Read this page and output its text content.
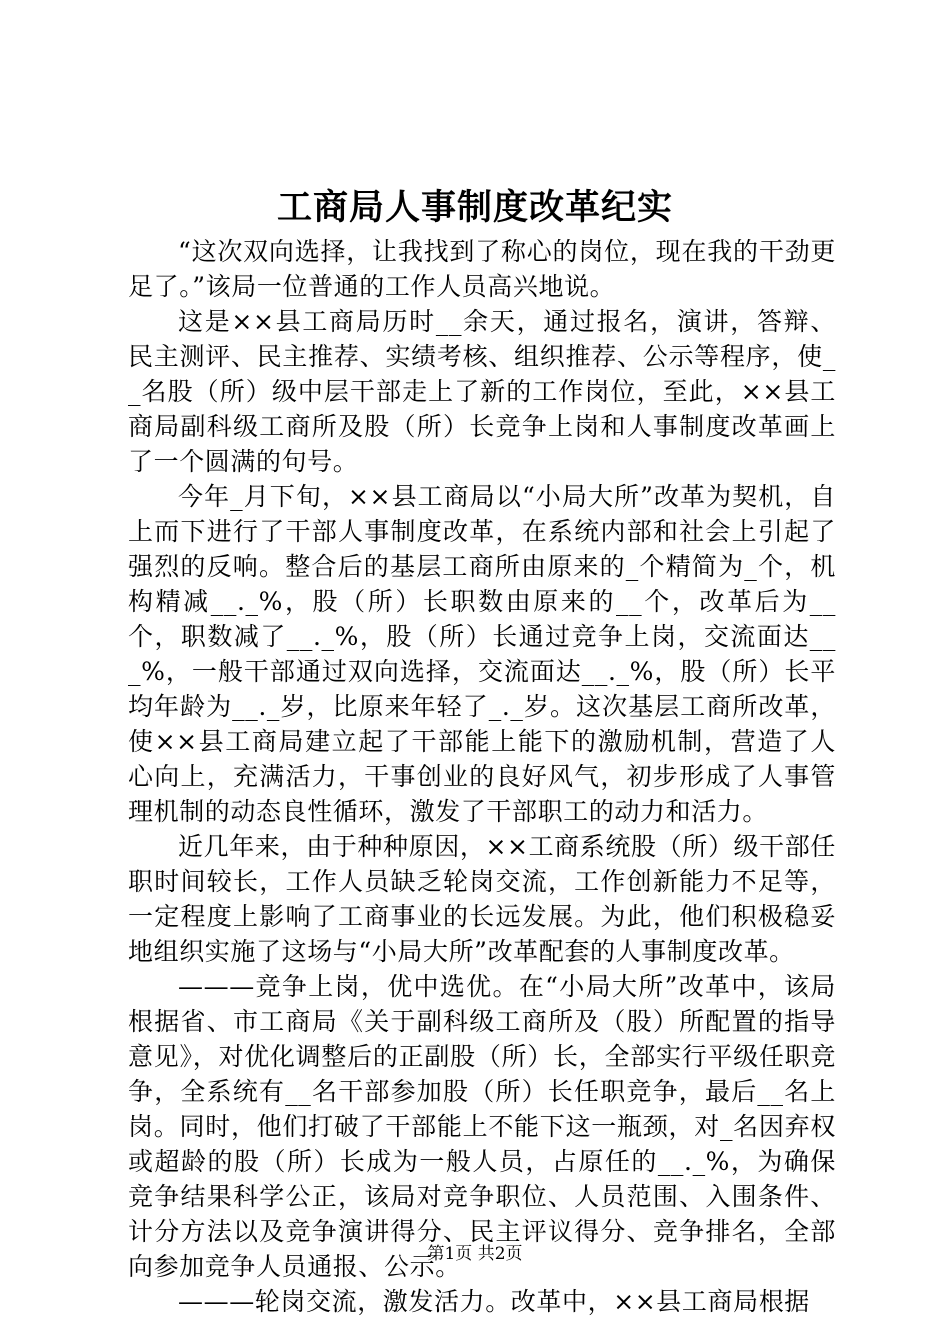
工商局人事制度改革纪实

“这次双向选择，让我找到了称心的岗位，现在我的干劲更足了。”该局一位普通的工作人员高兴地说。

这是××县工商局历时__余天，通过报名，演讲，答辩、民主测评、民主推荐、实绩考核、组织推荐、公示等程序，使__名股（所）级中层干部走上了新的工作岗位，至此，××县工商局副科级工商所及股（所）长竞争上岗和人事制度改革画上了一个圆满的句号。

今年_月下旬，××县工商局以“小局大所”改革为契机，自上而下进行了干部人事制度改革，在系统内部和社会上引起了强烈的反响。整合后的基层工商所由原来的_个精简为_个，机构精减__._%，股（所）长职数由原来的__个，改革后为__个，职数减了__._%，股（所）长通过竞争上岗，交流面达___%，一般干部通过双向选择，交流面达__._%，股（所）长平均年龄为__._岁，比原来年轻了_._岁。这次基层工商所改革，使××县工商局建立起了干部能上能下的激励机制，营造了人心向上，充满活力，干事创业的良好风气，初步形成了人事管理机制的动态良性循环，激发了干部职工的动力和活力。

近几年来，由于种种原因，××工商系统股（所）级干部任职时间较长，工作人员缺乏轮岗交流，工作创新能力不足等，一定程度上影响了工商事业的长远发展。为此，他们积极稳妥地组织实施了这场与“小局大所”改革配套的人事制度改革。

———竞争上岗，优中选优。在“小局大所”改革中，该局根据省、市工商局《关于副科级工商所及（股）所配置的指导意见》，对优化调整后的正副股（所）长，全部实行平级任职竞争，全系统有__名干部参加股（所）长任职竞争，最后__名上岗。同时，他们打破了干部能上不能下这一瓶颈，对_名因弃权或超龄的股（所）长成为一般人员，占原任的__._%，为确保竞争结果科学公正，该局对竞争职位、人员范围、入围条件、计分方法以及竞争演讲得分、民主评议得分、竞争排名，全部向参加竞争人员通报、公示。

———轮岗交流，激发活力。改革中，××县工商局根据

第1页 共2页
